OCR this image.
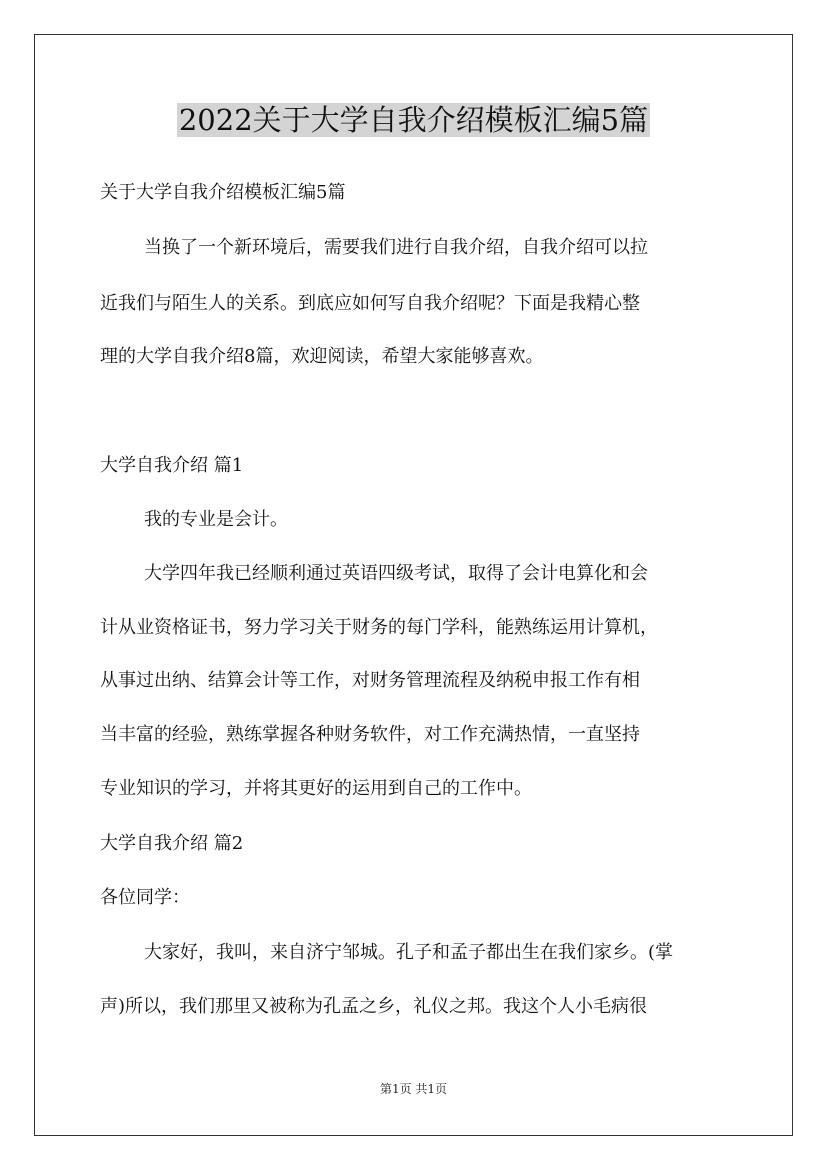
2022关于大学自我介绍模板汇编5篇

关于大学自我介绍模板汇编5篇

当换了一个新环境后，需要我们进行自我介绍，自我介绍可以拉

近我们与陌生人的关系。到底应如何写自我介绍呢？下面是我精心整

理的大学自我介绍8篇，欢迎阅读，希望大家能够喜欢。

大学自我介绍 篇1

我的专业是会计。

大学四年我已经顺利通过英语四级考试，取得了会计电算化和会

计从业资格证书，努力学习关于财务的每门学科，能熟练运用计算机，

从事过出纳、结算会计等工作，对财务管理流程及纳税申报工作有相

当丰富的经验，熟练掌握各种财务软件，对工作充满热情，一直坚持

专业知识的学习，并将其更好的运用到自己的工作中。

大学自我介绍 篇2

各位同学：

大家好，我叫，来自济宁邹城。孔子和孟子都出生在我们家乡。(掌

声)所以，我们那里又被称为孔孟之乡，礼仪之邦。我这个人小毛病很

第1页 共1页
